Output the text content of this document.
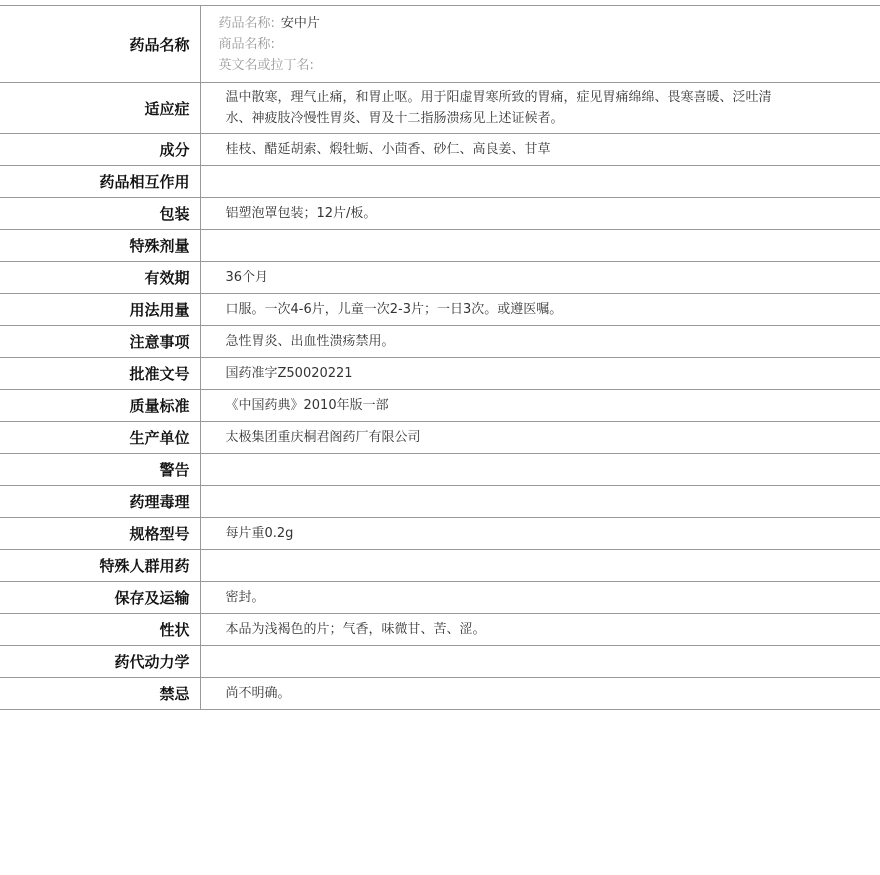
药品名称	药品名称: 安中片
商品名称:
英文名或拉丁名:

适应症	温中散寒，理气止痛，和胃止呕。用于阳虚胃寒所致的胃痛，症见胃痛绵绵、畏寒喜暖、泛吐清水、神疲肢冷慢性胃炎、胃及十二指肠溃疡见上述证候者。
成分	桂枝、醋延胡索、煅牡蛎、小茴香、砂仁、高良姜、甘草
药品相互作用	
包装	铝塑泡罩包装；12片/板。
特殊剂量	
有效期	36个月
用法用量	口服。一次4-6片，儿童一次2-3片；一日3次。或遵医嘱。
注意事项	急性胃炎、出血性溃疡禁用。
批准文号	国药准字Z50020221
质量标准	《中国药典》2010年版一部
生产单位	太极集团重庆桐君阁药厂有限公司
警告	
药理毒理	
规格型号	每片重0.2g
特殊人群用药	
保存及运输	密封。
性状	本品为浅褐色的片；气香，味微甘、苦、涩。
药代动力学	
禁忌	尚不明确。
